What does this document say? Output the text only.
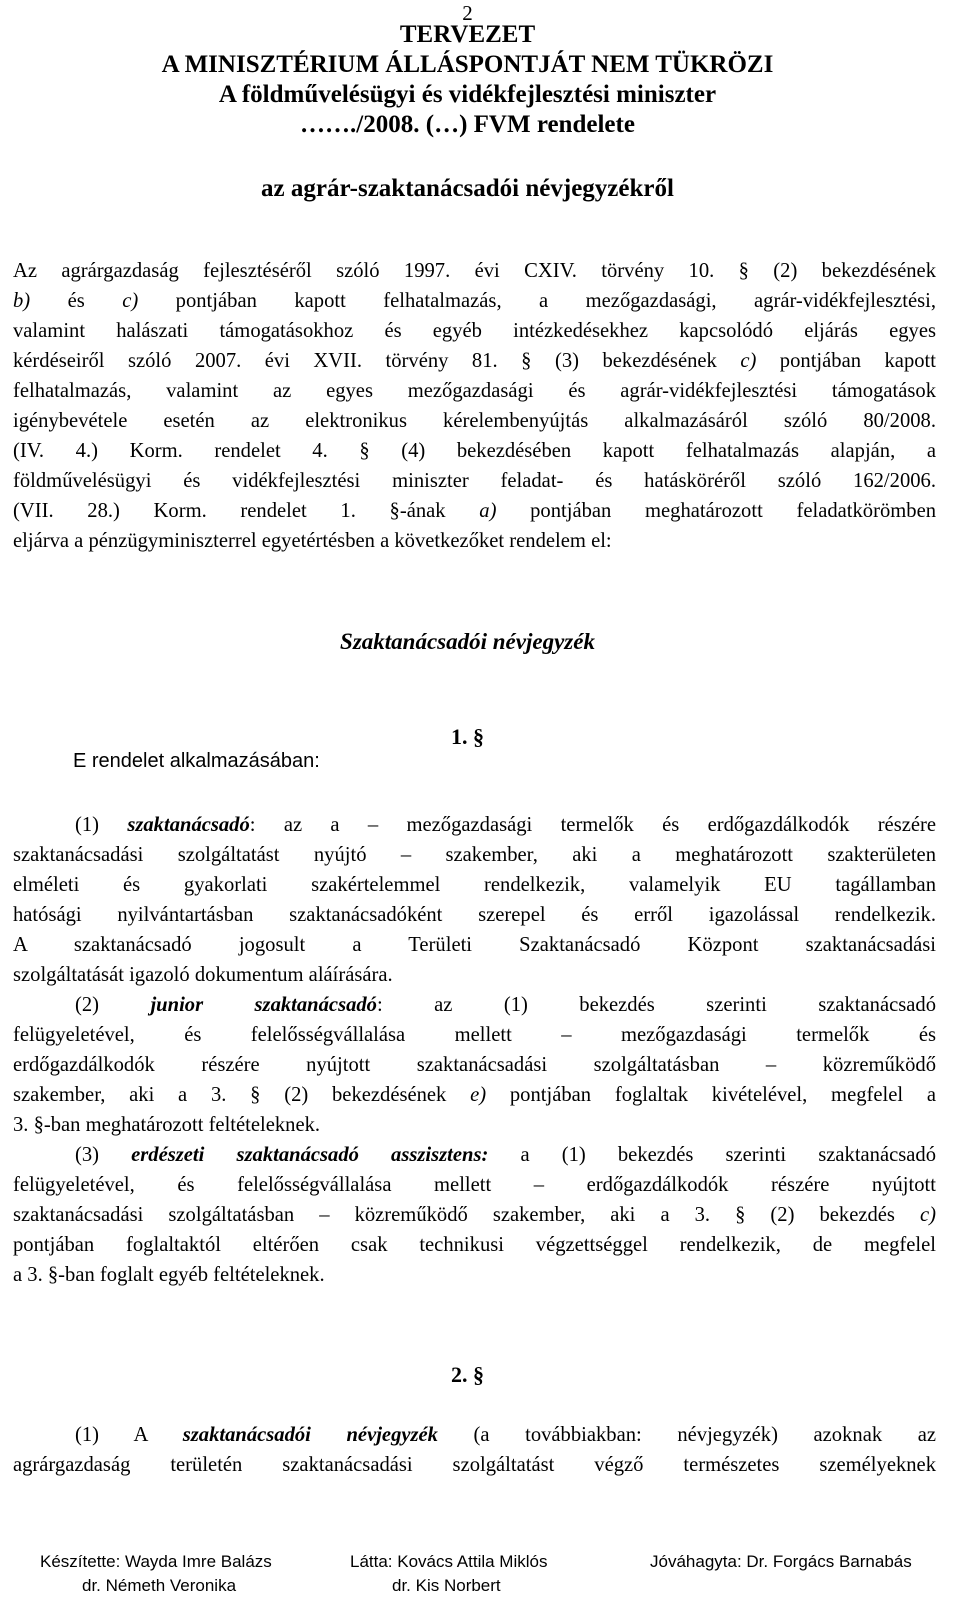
2
TERVEZET
A MINISZTÉRIUM ÁLLÁSPONTJÁT NEM TÜKRÖZI
A földművelésügyi és vidékfejlesztési miniszter
……./2008. (…) FVM rendelete
az agrár-szaktanácsadói névjegyzékről
Az agrárgazdaság fejlesztéséről szóló 1997. évi CXIV. törvény 10. § (2) bekezdésének
b) és c) pontjában kapott felhatalmazás, a mezőgazdasági, agrár-vidékfejlesztési,
valamint halászati támogatásokhoz és egyéb intézkedésekhez kapcsolódó eljárás egyes
kérdéseiről szóló 2007. évi XVII. törvény 81. § (3) bekezdésének c) pontjában kapott
felhatalmazás, valamint az egyes mezőgazdasági és agrár-vidékfejlesztési támogatások
igénybevétele esetén az elektronikus kérelembenyújtás alkalmazásáról szóló 80/2008.
(IV. 4.) Korm. rendelet 4. § (4) bekezdésében kapott felhatalmazás alapján, a
földművelésügyi és vidékfejlesztési miniszter feladat- és hatásköréről szóló 162/2006.
(VII. 28.) Korm. rendelet 1. §-ának a) pontjában meghatározott feladatkörömben
eljárva a pénzügyminiszterrel egyetértésben a következőket rendelem el:
Szaktanácsadói névjegyzék
1. §
E rendelet alkalmazásában:
(1) szaktanácsadó: az a – mezőgazdasági termelők és erdőgazdálkodók részére
szaktanácsadási szolgáltatást nyújtó – szakember, aki a meghatározott szakterületen
elméleti és gyakorlati szakértelemmel rendelkezik, valamelyik EU tagállamban
hatósági nyilvántartásban szaktanácsadóként szerepel és erről igazolással rendelkezik.
A szaktanácsadó jogosult a Területi Szaktanácsadó Központ szaktanácsadási
szolgáltatását igazoló dokumentum aláírására.
(2) junior szaktanácsadó: az (1) bekezdés szerinti szaktanácsadó
felügyeletével, és felelősségvállalása mellett – mezőgazdasági termelők és
erdőgazdálkodók részére nyújtott szaktanácsadási szolgáltatásban – közreműködő
szakember, aki a 3. § (2) bekezdésének e) pontjában foglaltak kivételével, megfelel a
3. §-ban meghatározott feltételeknek.
(3) erdészeti szaktanácsadó asszisztens: a (1) bekezdés szerinti szaktanácsadó
felügyeletével, és felelősségvállalása mellett – erdőgazdálkodók részére nyújtott
szaktanácsadási szolgáltatásban – közreműködő szakember, aki a 3. § (2) bekezdés c)
pontjában foglaltaktól eltérően csak technikusi végzettséggel rendelkezik, de megfelel
a 3. §-ban foglalt egyéb feltételeknek.
2. §
(1) A szaktanácsadói névjegyzék (a továbbiakban: névjegyzék) azoknak az
agrárgazdaság területén szaktanácsadási szolgáltatást végző természetes személyeknek
Készítette: Wayda Imre Balázs	Látta: Kovács Attila Miklós	Jóváhagyta: Dr. Forgács Barnabás
dr. Németh Veronika	dr. Kis Norbert
